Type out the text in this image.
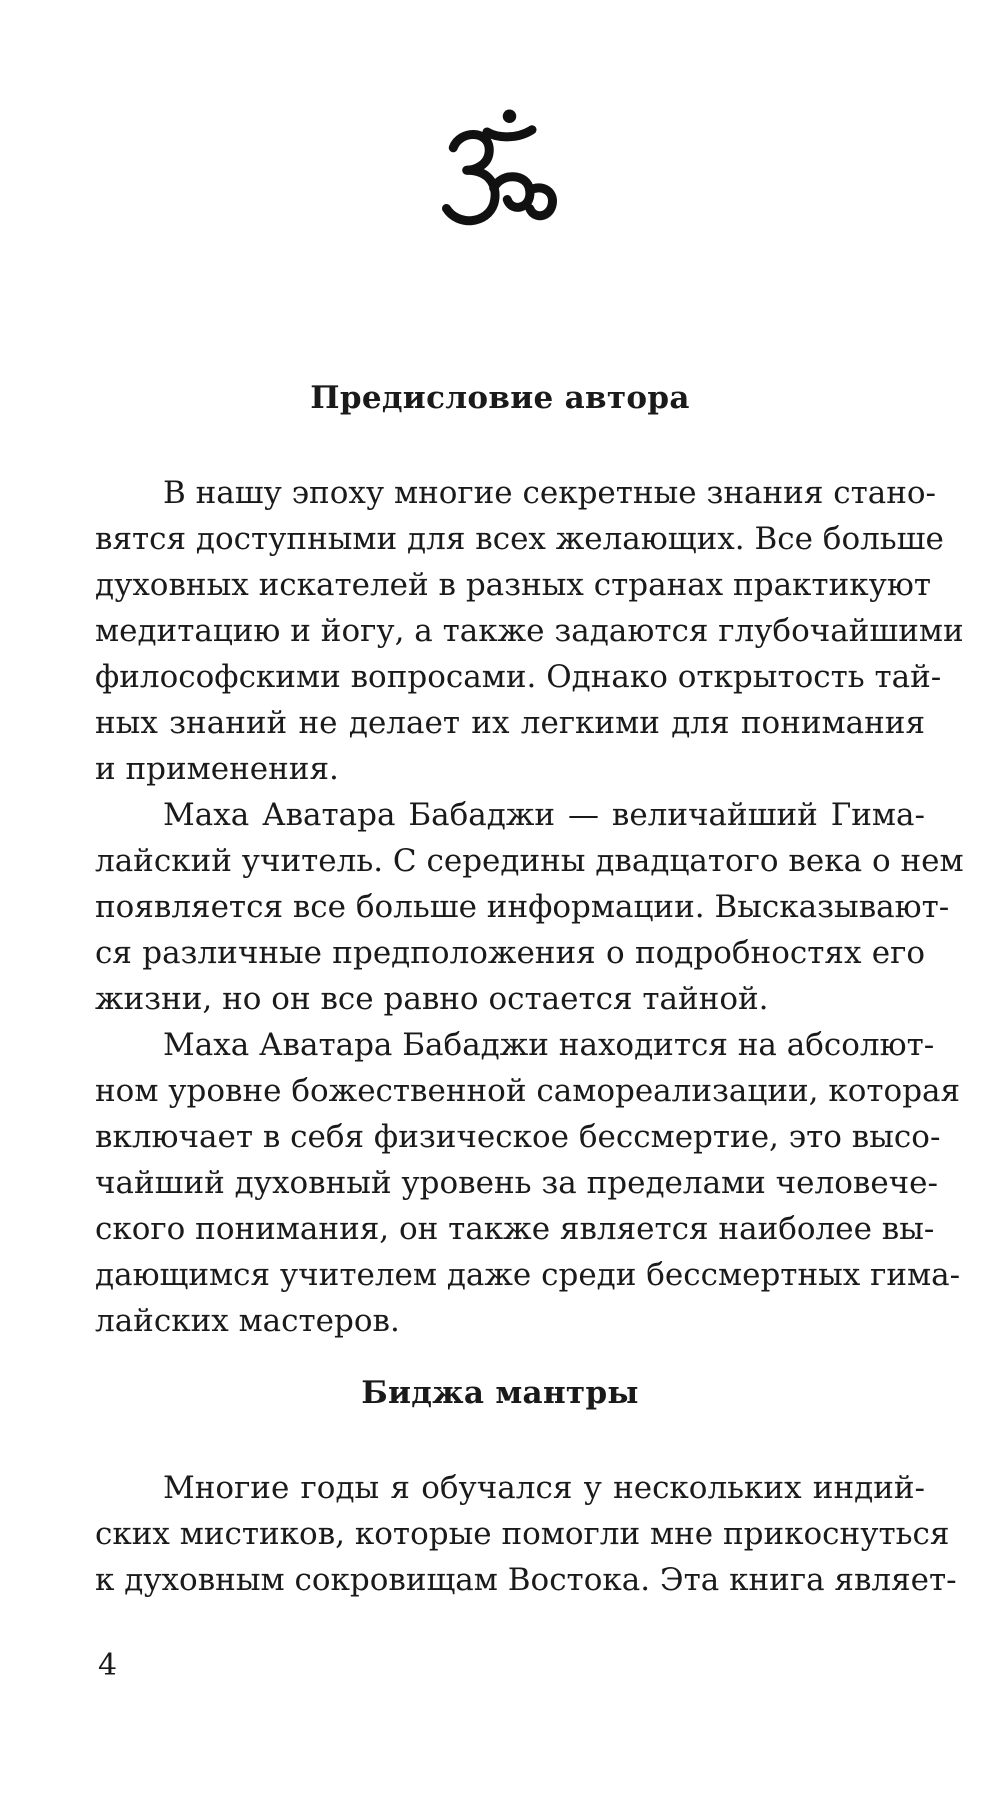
Предисловие автора
В нашу эпоху многие секретные знания стано-
вятся доступными для всех желающих. Все больше
духовных искателей в разных странах практикуют
медитацию и йогу, а также задаются глубочайшими
философскими вопросами. Однако открытость тай-
ных знаний не делает их легкими для понимания
и применения.
Маха Аватара Бабаджи — величайший Гима-
лайский учитель. С середины двадцатого века о нем
появляется все больше информации. Высказывают-
ся различные предположения о подробностях его
жизни, но он все равно остается тайной.
Маха Аватара Бабаджи находится на абсолют-
ном уровне божественной самореализации, которая
включает в себя физическое бессмертие, это высо-
чайший духовный уровень за пределами человече-
ского понимания, он также является наиболее вы-
дающимся учителем даже среди бессмертных гима-
лайских мастеров.
Биджа мантры
Многие годы я обучался у нескольких индий-
ских мистиков, которые помогли мне прикоснуться
к духовным сокровищам Востока. Эта книга являет-

4
